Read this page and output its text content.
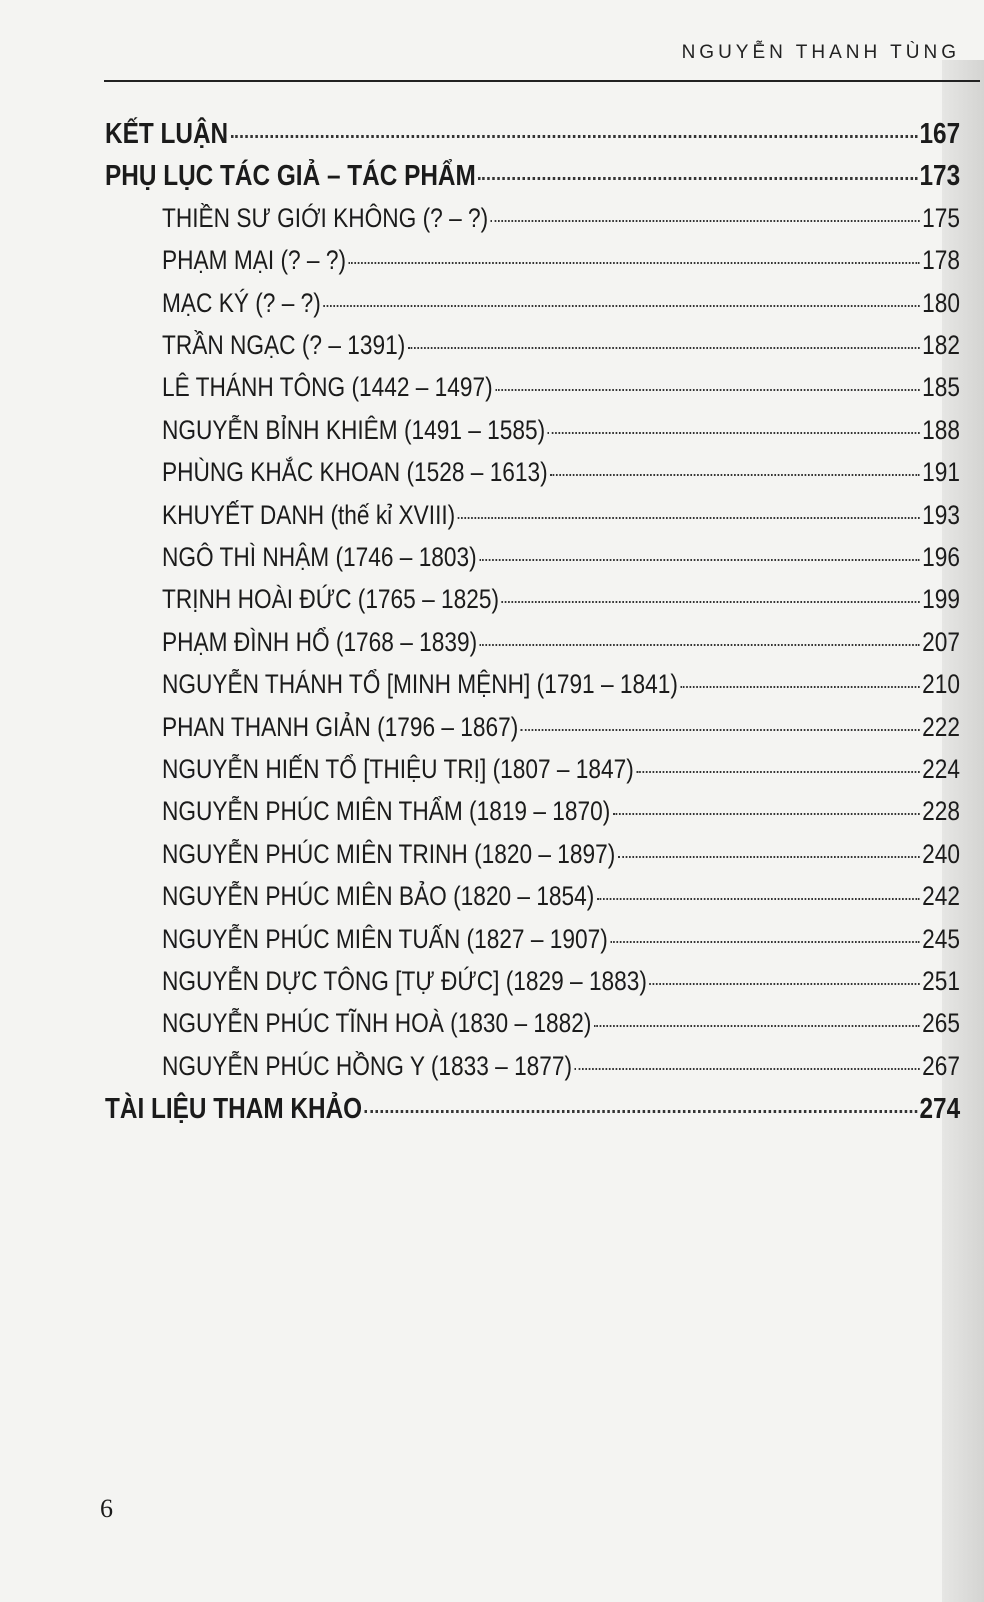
NGUYỄN THANH TÙNG
KẾT LUẬN	167
PHỤ LỤC TÁC GIẢ – TÁC PHẨM	173
THIỀN SƯ GIỚI KHÔNG (? – ?)	175
PHẠM MẠI (? – ?)	178
MẠC KÝ (? – ?)	180
TRẦN NGẠC (? – 1391)	182
LÊ THÁNH TÔNG (1442 – 1497)	185
NGUYỄN BỈNH KHIÊM (1491 – 1585)	188
PHÙNG KHẮC KHOAN (1528 – 1613)	191
KHUYẾT DANH (thế kỉ XVIII)	193
NGÔ THÌ NHẬM (1746 – 1803)	196
TRỊNH HOÀI ĐỨC (1765 – 1825)	199
PHẠM ĐÌNH HỔ (1768 – 1839)	207
NGUYỄN THÁNH TỔ [MINH MỆNH] (1791 – 1841)	210
PHAN THANH GIẢN (1796 – 1867)	222
NGUYỄN HIẾN TỔ [THIỆU TRỊ] (1807 – 1847)	224
NGUYỄN PHÚC MIÊN THẨM (1819 – 1870)	228
NGUYỄN PHÚC MIÊN TRINH (1820 – 1897)	240
NGUYỄN PHÚC MIÊN BẢO (1820 – 1854)	242
NGUYỄN PHÚC MIÊN TUẤN (1827 – 1907)	245
NGUYỄN DỰC TÔNG [TỰ ĐỨC] (1829 – 1883)	251
NGUYỄN PHÚC TĨNH HOÀ (1830 – 1882)	265
NGUYỄN PHÚC HỒNG Y (1833 – 1877)	267
TÀI LIỆU THAM KHẢO	274
6
